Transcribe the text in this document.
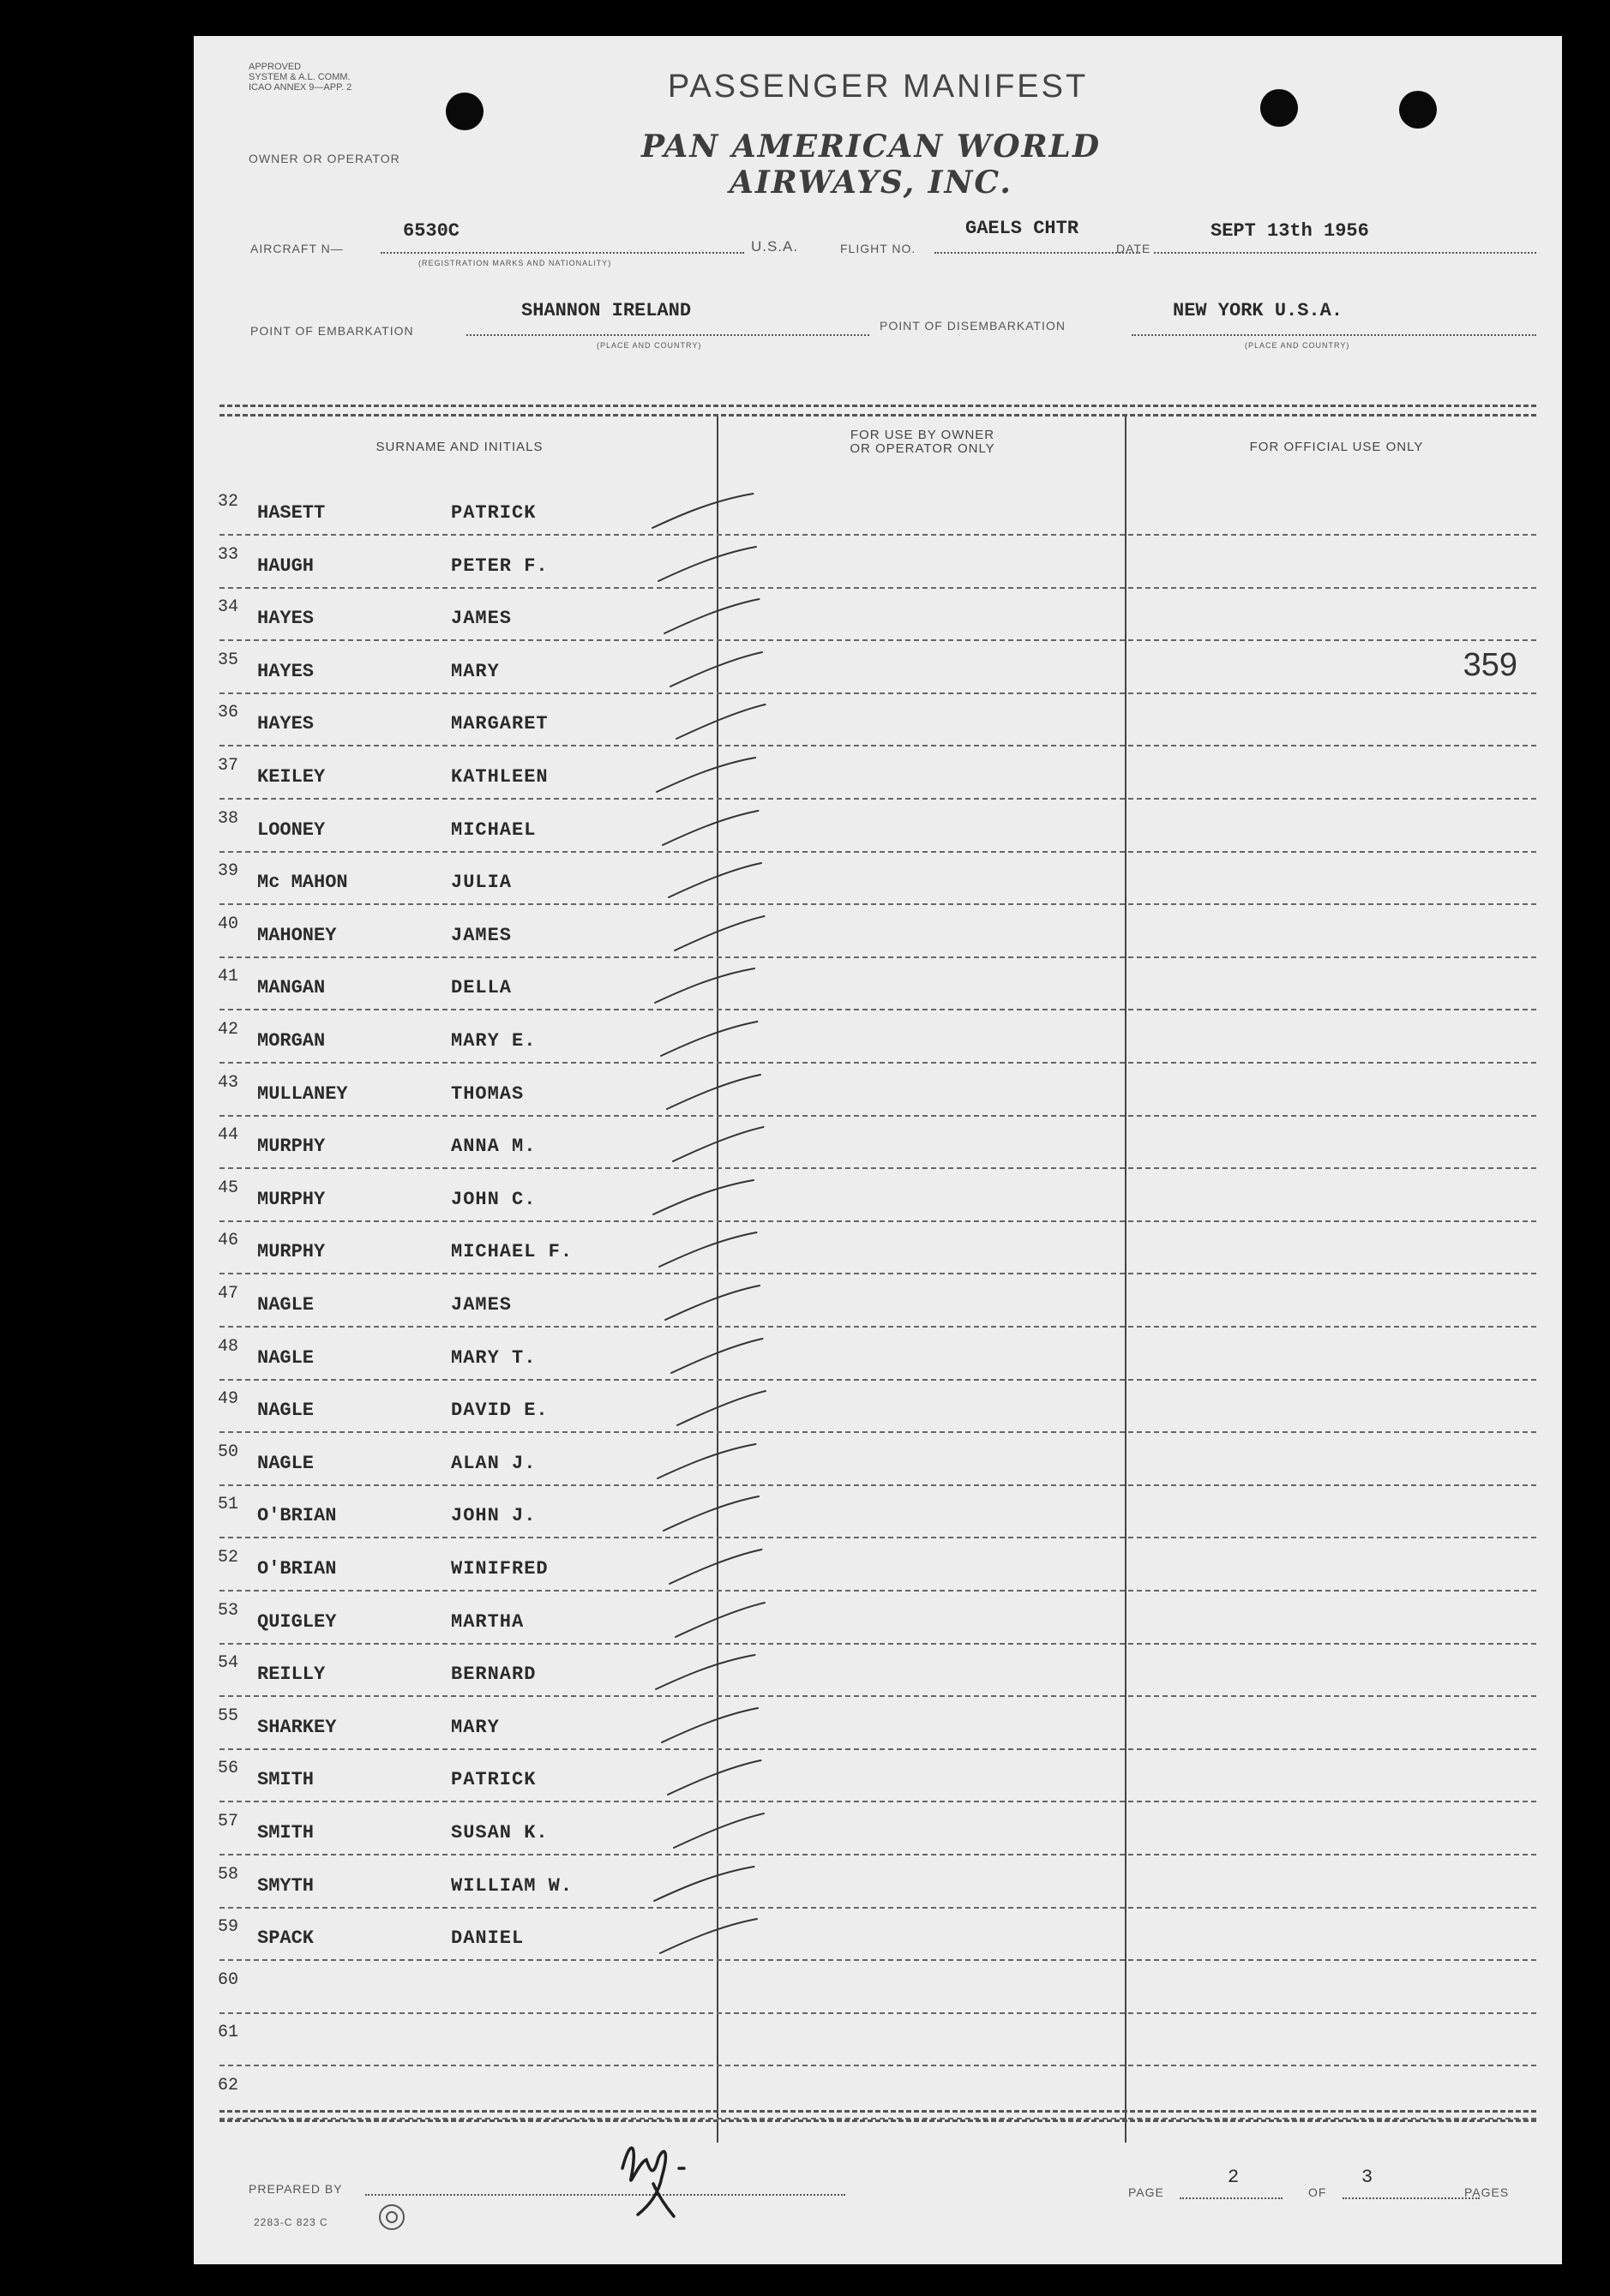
APPROVED
SYSTEM & A.L. COMM.
ICAO ANNEX 9—APP. 2	PASSENGER MANIFEST
OWNER OR OPERATOR	PAN AMERICAN WORLD AIRWAYS, INC.
AIRCRAFT N—
6530C
(REGISTRATION MARKS AND NATIONALITY)
U.S.A.	FLIGHT NO.
GAELS CHTR
DATE
SEPT 13th 1956
POINT OF EMBARKATION
SHANNON IRELAND
(PLACE AND COUNTRY)
POINT OF DISEMBARKATION
NEW YORK U.S.A.
(PLACE AND COUNTRY)
SURNAME AND INITIALS
FOR USE BY OWNER
OR OPERATOR ONLY	FOR OFFICIAL USE ONLY
32
HASETT	PATRICK
33
HAUGH	PETER F.
34
HAYES	JAMES
35
HAYES	MARY	359
36
HAYES	MARGARET
37
KEILEY	KATHLEEN
38
LOONEY	MICHAEL
39
Mc MAHON	JULIA
40
MAHONEY	JAMES
41
MANGAN	DELLA
42
MORGAN	MARY E.
43
MULLANEY	THOMAS
44
MURPHY	ANNA M.
45
MURPHY	JOHN C.
46
MURPHY	MICHAEL F.
47
NAGLE	JAMES
48
NAGLE	MARY T.
49
NAGLE	DAVID E.
50
NAGLE	ALAN J.
51
O'BRIAN	JOHN J.
52
O'BRIAN	WINIFRED
53
QUIGLEY	MARTHA
54
REILLY	BERNARD
55
SHARKEY	MARY
56
SMITH	PATRICK
57
SMITH	SUSAN K.
58
SMYTH	WILLIAM W.
59
SPACK	DANIEL
60
61
62
PREPARED BY
2283-C 823 C
PAGE
2
OF
3
PAGES
